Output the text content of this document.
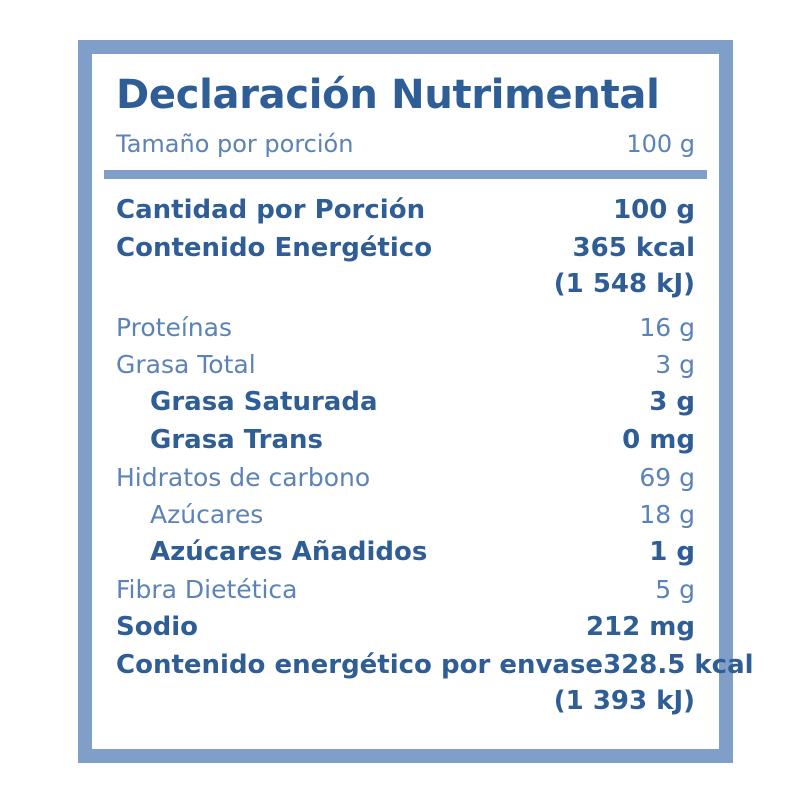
Declaración Nutrimental
Tamaño por porción	100 g
Cantidad por Porción	100 g
Contenido Energético	365 kcal
(1 548 kJ)
Proteínas	16 g
Grasa Total	3 g
Grasa Saturada	3 g
Grasa Trans	0 mg
Hidratos de carbono	69 g
Azúcares	18 g
Azúcares Añadidos	1 g
Fibra Dietética	5 g
Sodio	212 mg
Contenido energético por envase 328.5 kcal
(1 393 kJ)
